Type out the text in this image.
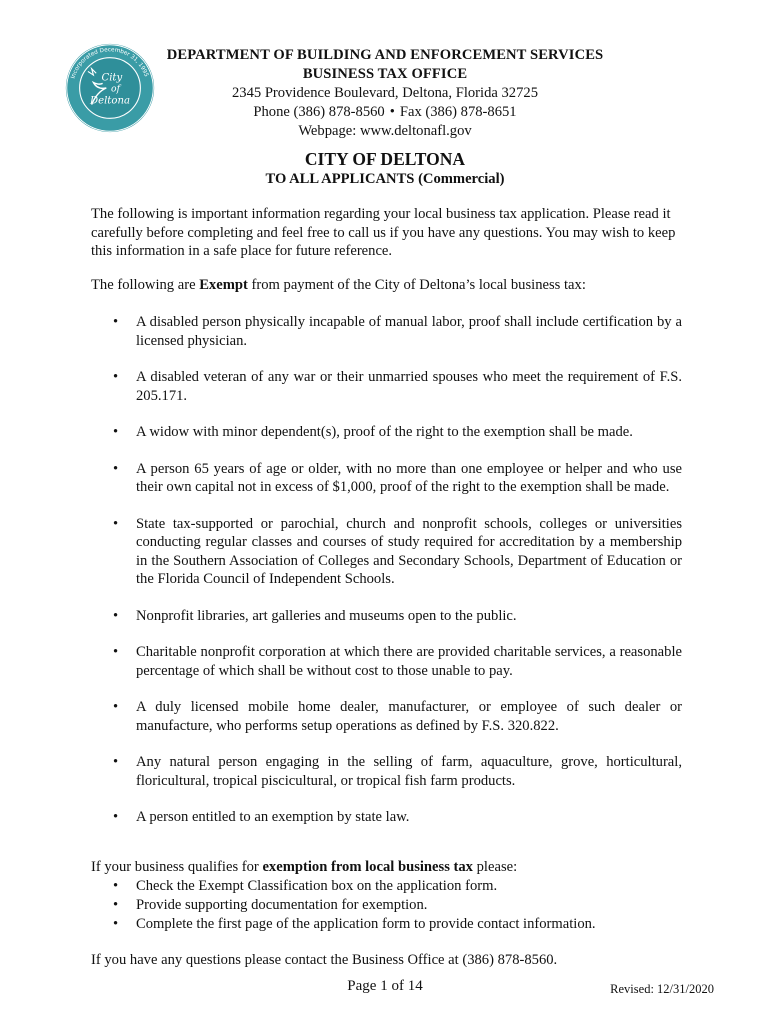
Incorporated December 31, 1995
City
of
Deltona
DEPARTMENT OF BUILDING AND ENFORCEMENT SERVICES
BUSINESS TAX OFFICE
2345 Providence Boulevard, Deltona, Florida 32725
Phone (386) 878-8560 • Fax (386) 878-8651
Webpage: www.deltonafl.gov
CITY OF DELTONA
TO ALL APPLICANTS (Commercial)
The following is important information regarding your local business tax application. Please read it carefully before completing and feel free to call us if you have any questions. You may wish to keep this information in a safe place for future reference.
The following are Exempt from payment of the City of Deltona’s local business tax:
• A disabled person physically incapable of manual labor, proof shall include certification by a licensed physician.
• A disabled veteran of any war or their unmarried spouses who meet the requirement of F.S. 205.171.
• A widow with minor dependent(s), proof of the right to the exemption shall be made.
• A person 65 years of age or older, with no more than one employee or helper and who use their own capital not in excess of $1,000, proof of the right to the exemption shall be made.
• State tax-supported or parochial, church and nonprofit schools, colleges or universities conducting regular classes and courses of study required for accreditation by a membership in the Southern Association of Colleges and Secondary Schools, Department of Education or the Florida Council of Independent Schools.
• Nonprofit libraries, art galleries and museums open to the public.
• Charitable nonprofit corporation at which there are provided charitable services, a reasonable percentage of which shall be without cost to those unable to pay.
• A duly licensed mobile home dealer, manufacturer, or employee of such dealer or manufacture, who performs setup operations as defined by F.S. 320.822.
• Any natural person engaging in the selling of farm, aquaculture, grove, horticultural, floricultural, tropical piscicultural, or tropical fish farm products.
• A person entitled to an exemption by state law.
If your business qualifies for exemption from local business tax please:
• Check the Exempt Classification box on the application form.
• Provide supporting documentation for exemption.
• Complete the first page of the application form to provide contact information.
If you have any questions please contact the Business Office at (386) 878-8560.
Page 1 of 14	Revised: 12/31/2020
